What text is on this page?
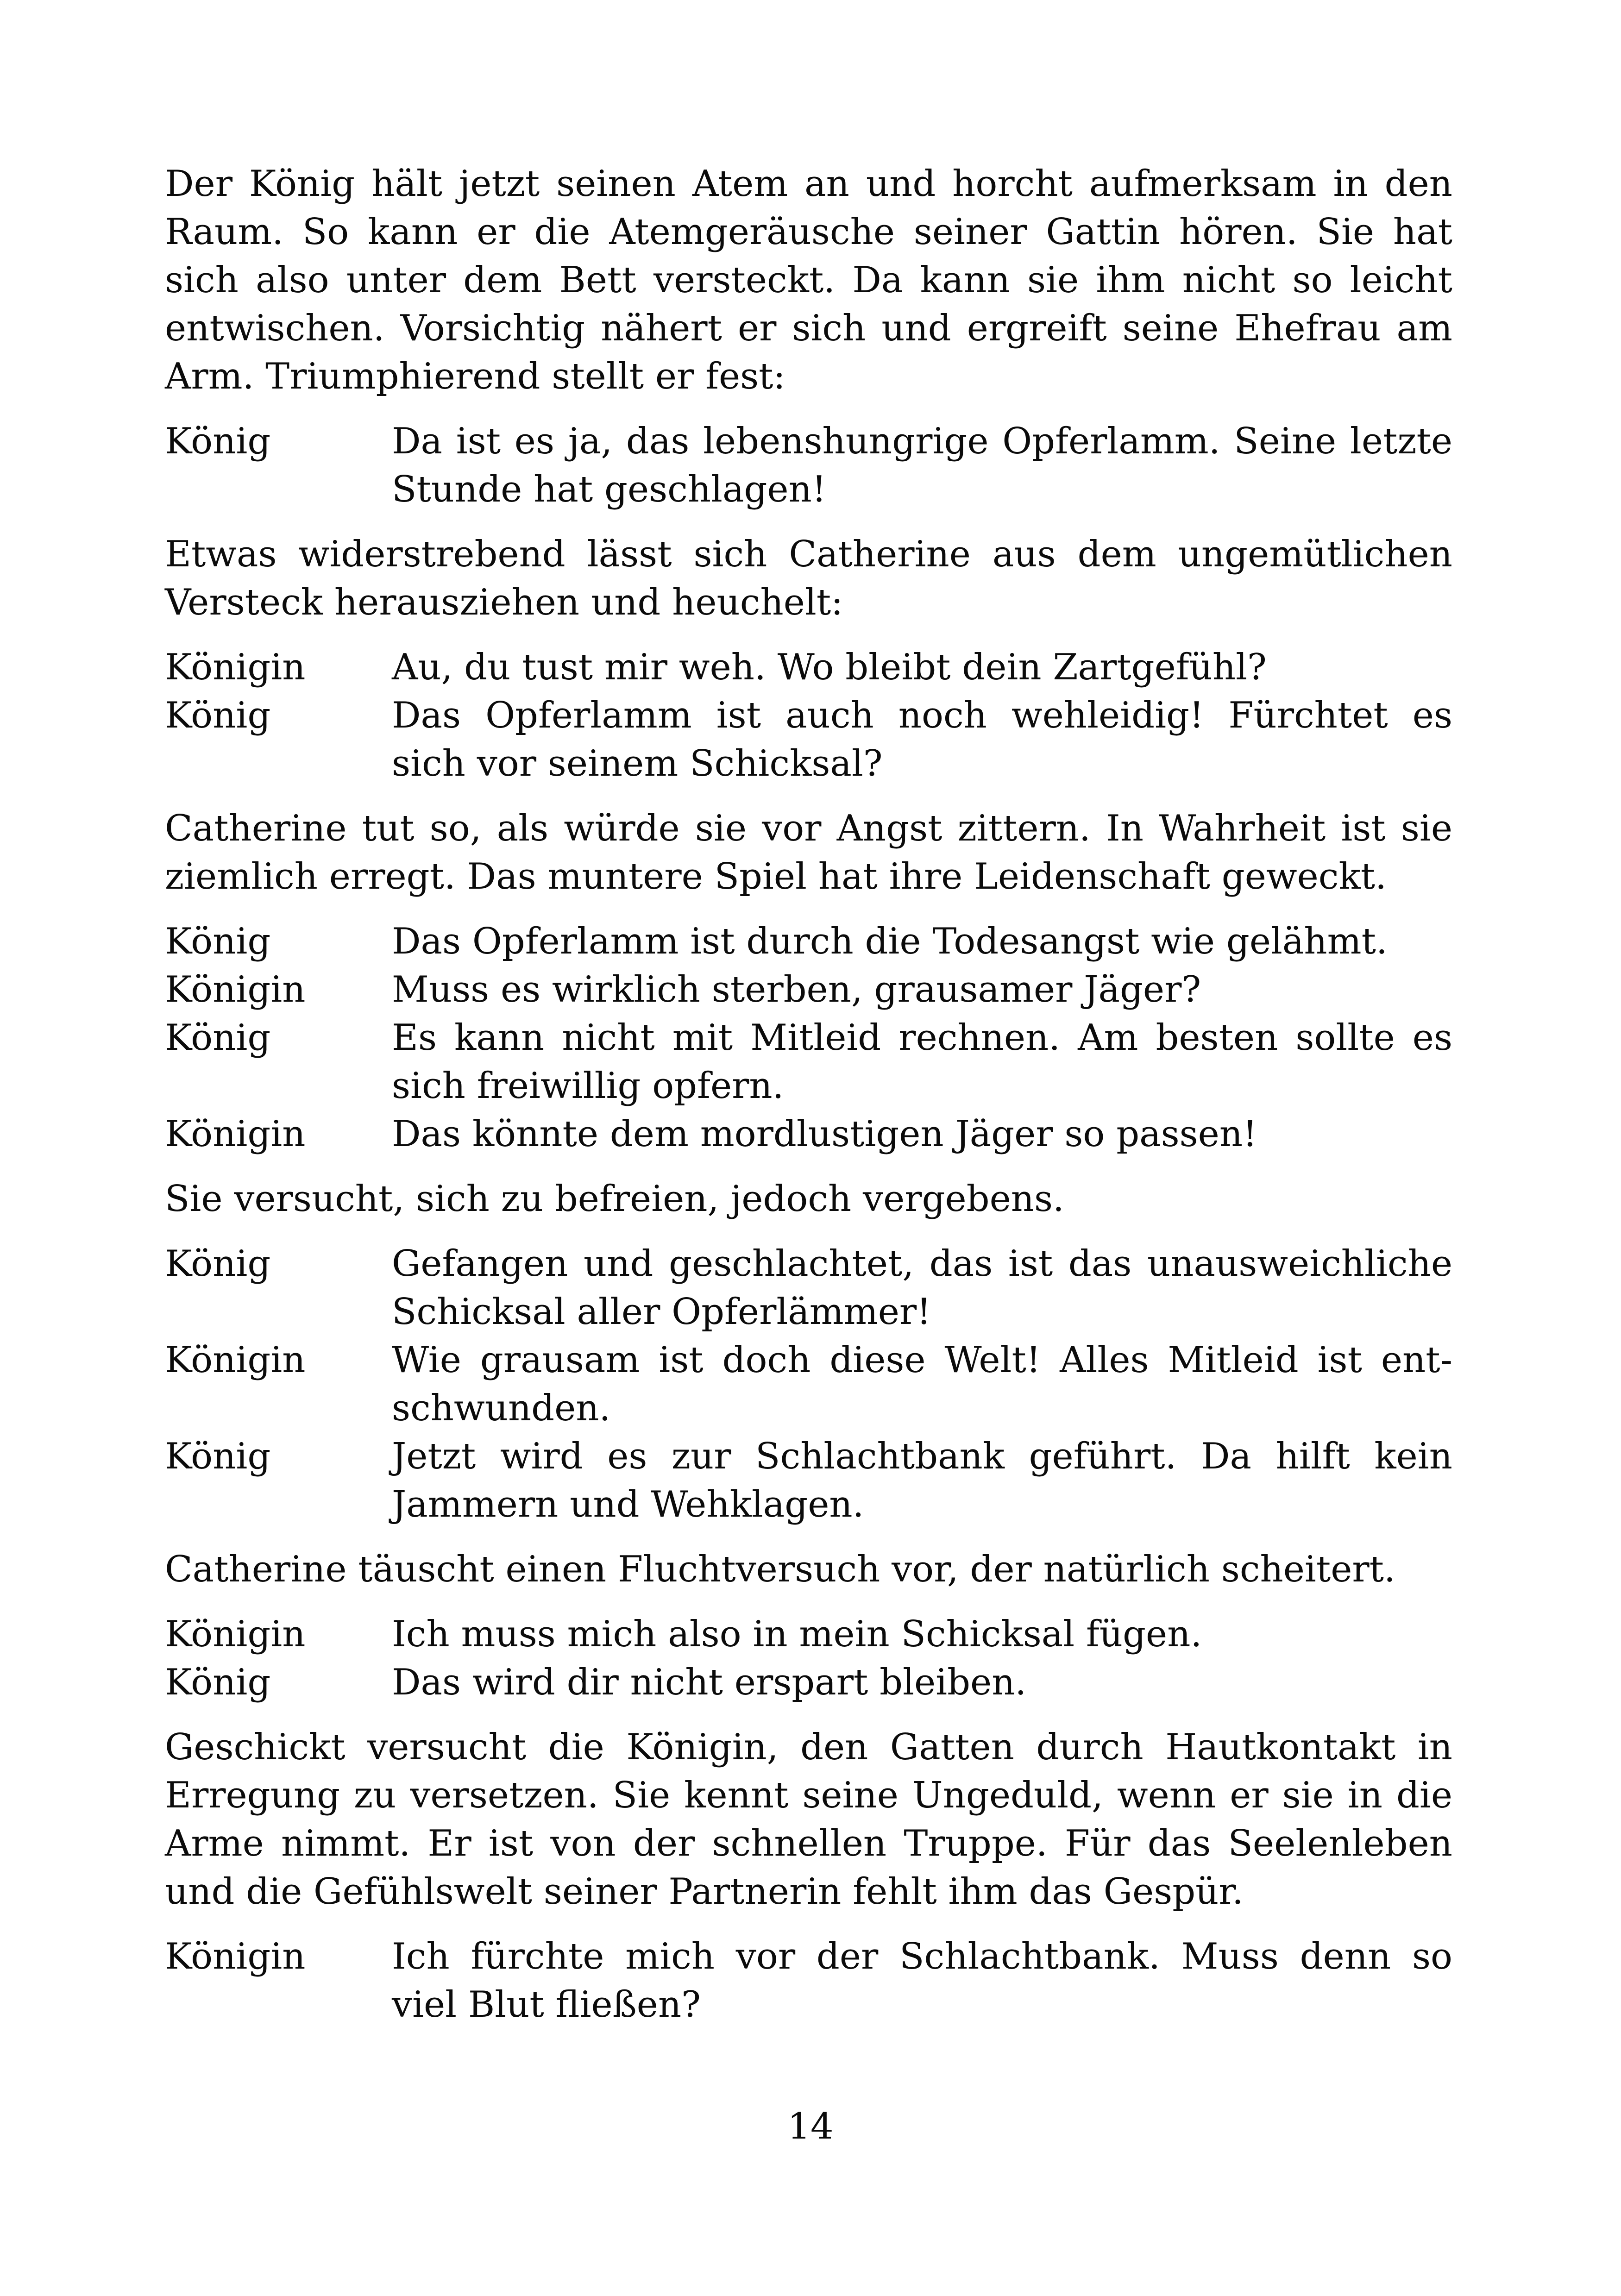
Der König hält jetzt seinen Atem an und horcht aufmerksam in den
Raum. So kann er die Atemgeräusche seiner Gattin hören. Sie hat
sich also unter dem Bett versteckt. Da kann sie ihm nicht so leicht
entwischen. Vorsichtig nähert er sich und ergreift seine Ehefrau am
Arm. Triumphierend stellt er fest:
König	Da ist es ja, das lebenshungrige Opferlamm. Seine letzte
Stunde hat geschlagen!
Etwas widerstrebend lässt sich Catherine aus dem ungemütlichen
Versteck herausziehen und heuchelt:
Königin	Au, du tust mir weh. Wo bleibt dein Zartgefühl?
König	Das Opferlamm ist auch noch wehleidig! Fürchtet es
sich vor seinem Schicksal?
Catherine tut so, als würde sie vor Angst zittern. In Wahrheit ist sie
ziemlich erregt. Das muntere Spiel hat ihre Leidenschaft geweckt.
König	Das Opferlamm ist durch die Todesangst wie gelähmt.
Königin	Muss es wirklich sterben, grausamer Jäger?
König	Es kann nicht mit Mitleid rechnen. Am besten sollte es
sich freiwillig opfern.
Königin	Das könnte dem mordlustigen Jäger so passen!
Sie versucht, sich zu befreien, jedoch vergebens.
König	Gefangen und geschlachtet, das ist das unausweichliche
Schicksal aller Opferlämmer!
Königin	Wie grausam ist doch diese Welt! Alles Mitleid ist ent-
schwunden.
König	Jetzt wird es zur Schlachtbank geführt. Da hilft kein
Jammern und Wehklagen.
Catherine täuscht einen Fluchtversuch vor, der natürlich scheitert.
Königin	Ich muss mich also in mein Schicksal fügen.
König	Das wird dir nicht erspart bleiben.
Geschickt versucht die Königin, den Gatten durch Hautkontakt in
Erregung zu versetzen. Sie kennt seine Ungeduld, wenn er sie in die
Arme nimmt. Er ist von der schnellen Truppe. Für das Seelenleben
und die Gefühlswelt seiner Partnerin fehlt ihm das Gespür.
Königin	Ich fürchte mich vor der Schlachtbank. Muss denn so
viel Blut fließen?
14
